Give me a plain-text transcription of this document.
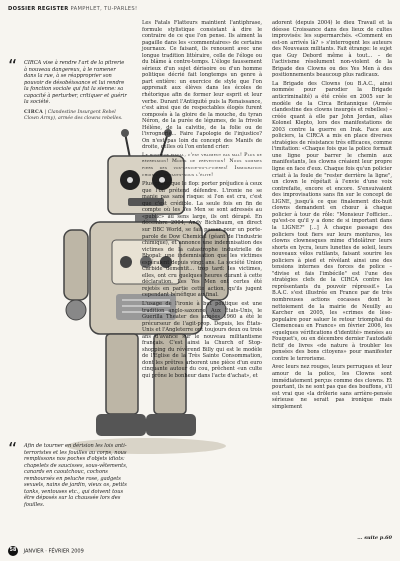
DOSSIER REGISTER PAMPHLET, TU-PARLES!
“	CIRCA vise à rendre l'art de la pitrerie à nouveau dangereux, à le ramener dans la rue, à se réapproprier son pouvoir de désobéissance et lui rendre la fonction sociale qui fut la sienne: sa capacité à perturber, critiquer et guérir la société.
CIRCA | Clandestine Insurgent Rebel Clown Army), armée des clowns rebelles.
“	Afin de tourner en dérision les lois anti-terroristes et les fouilles au corps, nous remplissons nos poches d'objets idiots: chapelets de saucisses, sous-vêtements, canards en caoutchouc, cochons remboursés en peluche rose, gadgets sexuels, nains de jardin, vieux os, petits tanks, ventouses etc., qui doivent tous être déposés sur la chaussée lors des fouilles.

Les Fatals Flatteurs maintient l'antiphrase, formule stylistique consistant à dire le contraire de ce que l'on pense. Ils aiment la pagaille dans les «commentaires» de certains journaux. Ce faisant, ils renouent avec une longue tradition littéraire, celle de l'éloge ou du blâme à contre-temps. L'éloge faussement sérieux d'un sujet dérisoire ou d'un homme politique décrié fait longtemps un genre à part entière: un exercice de style que l'on apprenait aux élèves dans les écoles de rhétorique afin de former leur esprit et leur verbe. Durant l'Antiquité puis la Renaissance, c'est ainsi que de respectables élogés furent composés à la gloire de la mouche, du tyran Néron, de la purée de légumes, de la frivole Hélène, de la calvitie, de la folie ou de l'ivrognerie... Faire l'apologie de l'injustice? On n'est pas loin du concept des Manifs de droite, celles où l'on entend crier:

Le bonheur fiscal, c'est vraiment pas mal! Plus de répression! Moins de prévention! Nous sommes fiers des vos-lencie-po-li-cières! Immigration choisie!, enfants-nous l'élite!

Plus grave que le flop: porter préjudice à ceux que l'on prétend défendre. L'ironie ne se manie pas sans risque: si l'on est cru, c'est que c'est crédible. La seule fois en fin de compte où les Yes Men se sont adressés au «public» au sens large, ils ont dérapé. En décembre 2004, Andy Bichlbaum, en direct sur BBC World, se fait passer pour un porte-parole de Dow Chemical (géant de l'industrie chimique), et annonce une indemnisation des victimes de la catastrophe industrielle de Bhopal: une indemnisation que les victimes espéraient depuis vingt ans. La société Union Carbide démentit... trop tard: les victimes, elles, ont cru quelques heures durant à cette déclaration. Les Yes Men ont certes été rejetés en partie cette action, qu'ils jugent cependant bénéfique au final.

L'usage de l'ironie à but politique est une tradition anglo-saxonne. Aux États-Unis, le Guerilla Theater des années 1960 a été le précurseur de l'agit-prop. Depuis, les États-Unis et l'Angleterre ont toujours deux ou trois ans d'avance sur le nouveau militantisme français. C'est ainsi la Church of Stop-shopping du révérend Billy qui est le modèle de l'Église de la Très Sainte Consommation, dont les prêtres arborent une pièce d'un euro cinquante autour du cou, prêchent «un culte qui prône le bonheur dans l'acte d'achat», et

adorent (depuis 2004) le dieu Travail et la déesse Croissance dans des lieux de cultes improvisés: les supermarchés. «Comment en est-on arrivés là? » s'interrogent les auteurs des Nouveaux militants. Fait étrange: le sujet que Guy Debord même à tout... – de l'activisme résolument non-violent de la Brigade des Clowns ou des Yes Men à des positionnements beaucoup plus radicaux.

La Brigade des Clowns (ou B.A.C., ainsi nommée pour parodier la Brigade anticriminalité) a été créée en 2005 sur le modèle de la Circa Britannique (Armée clandestine des clowns insurgés et rebelles) – créée quant à elle par John Jordan, alias Kolonel Klepto, lors des manifestations de 2003 contre la guerre en Irak. Face aux policiers, la CIRCA a mis en place diverses stratégies de résistance très efficaces, comme l'imitation: «Chaque fois que la police formait une ligne pour barrer le chemin aux manifestants, les clowns créaient leur propre ligne en face d'eux. Chaque fois qu'un policier criait à la foule de "rester derrière la ligne", un clown le répétait à l'envie d'une voix contrefaite, encore et encore. S'ensuivaient des improvisations sans fin sur le concept de LIGNE, jusqu'à ce que finalement dix-huit clowns demandent en chœur à chaque policier à tour de rôle: "Monsieur l'officier... qu'est-ce qu'il y a donc de si important dans la LIGNE?" [...] À chaque passage des policiers tout fiers sur leurs montures, les clowns clownesques mime d'idolâtrer leurs shorts en lycra, leurs lunettes de soleil, leurs nouveaux vélos rutilants, faisant sourire les policiers à pied et révélant ainsi une des tensions internes des forces de police – "divise et fais l'imbécile" est l'une des stratégies clefs de la CIRCA contre les représentants du pouvoir répressif.» La B.A.C. s'est illustrée en France par de très nombreuses actions cocasses dont le nettoiement de la mairie de Neuilly au Karcher en 2005, les «crimes de lèse-populaire pour saluer le retour triomphal du Clemenceau en France» en février 2006, les «quelques vérifications d'identité» menées au Fouquet's, ou en décembre dernier l'autodafé fictif de livres «de nature à troubler les pensées des bons citoyens» pour manifester contre le terrorisme.

Avec leurs nez rouges, leurs perruques et leur amour de la police, les Clowns sont immédiatement perçus comme des clowns. Et pourtant, ils ne sont pas que des bouffons, s'il est vrai que «la drôlerie sans arrière-pensée sérieuse ne serait pas ironique mais simplement

... suite p.60
58 JANVIER · FÉVRIER 2009
